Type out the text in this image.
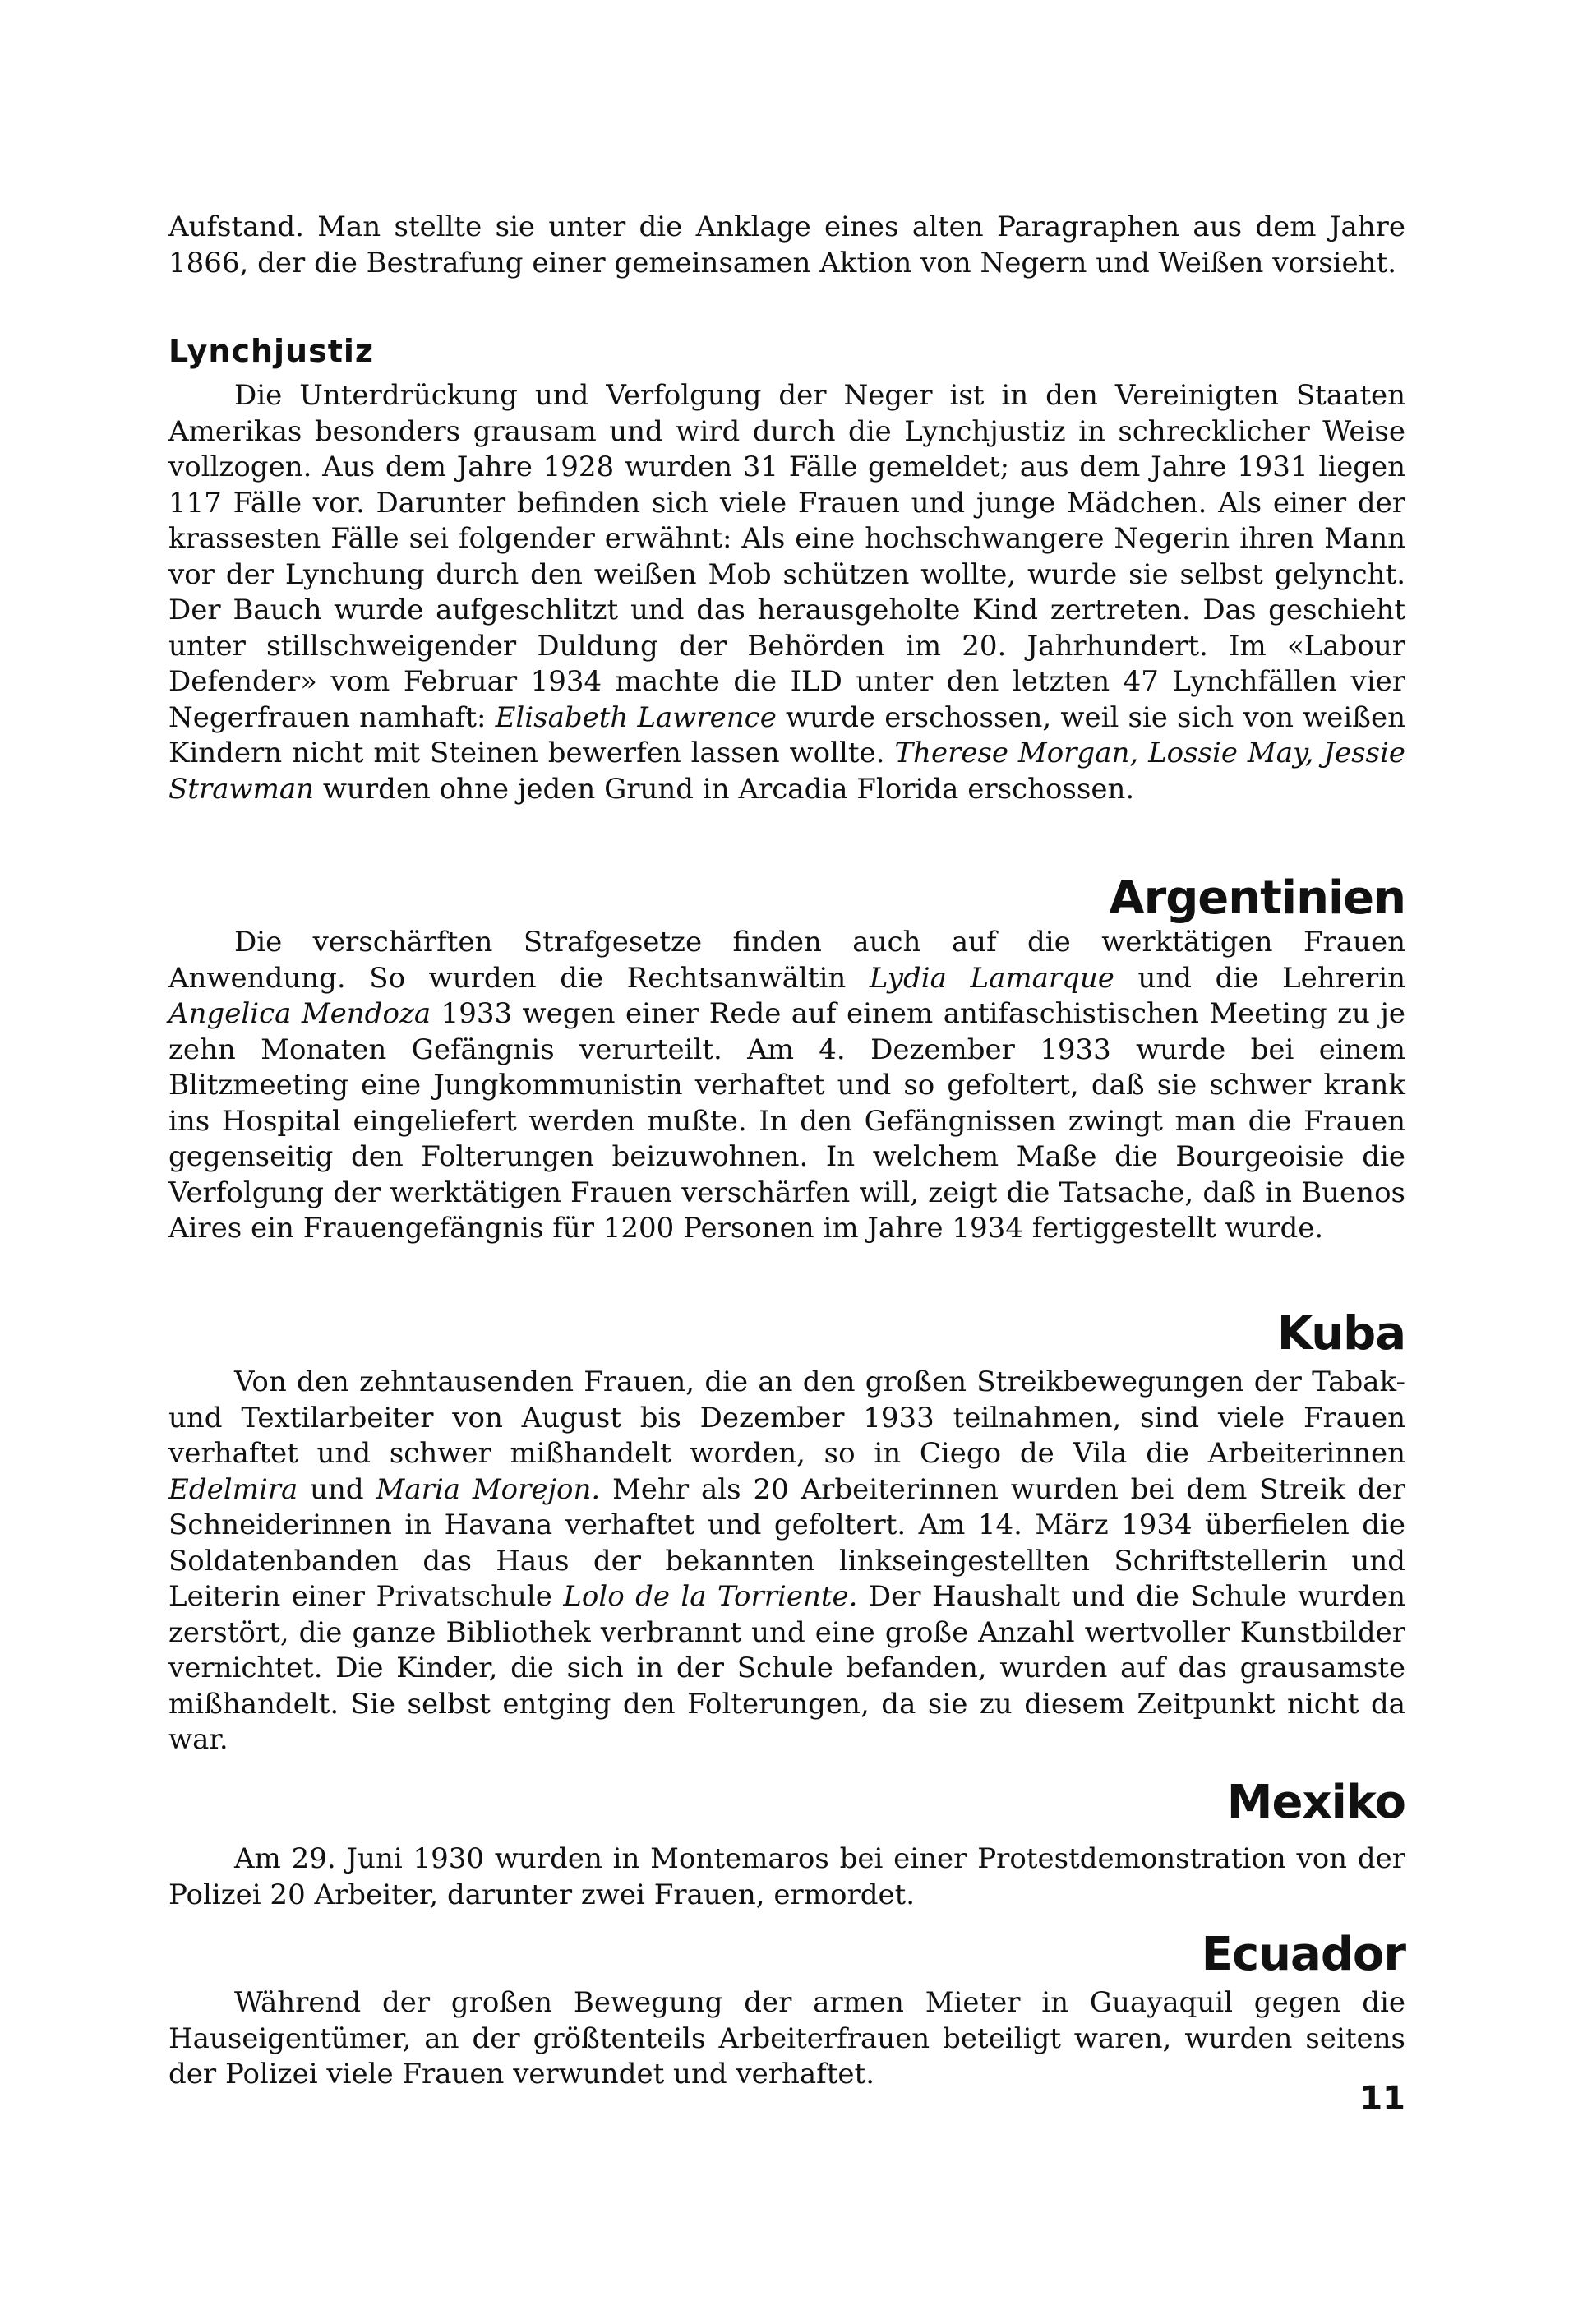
Aufstand. Man stellte sie unter die Anklage eines alten Paragraphen aus dem Jahre 1866, der die Bestrafung einer gemeinsamen Aktion von Negern und Weißen vorsieht.

Lynchjustiz

Die Unterdrückung und Verfolgung der Neger ist in den Vereinigten Staaten Amerikas besonders grausam und wird durch die Lynchjustiz in schrecklicher Weise vollzogen. Aus dem Jahre 1928 wurden 31 Fälle gemeldet; aus dem Jahre 1931 liegen 117 Fälle vor. Darunter befinden sich viele Frauen und junge Mädchen. Als einer der krassesten Fälle sei folgender erwähnt: Als eine hochschwangere Negerin ihren Mann vor der Lynchung durch den weißen Mob schützen wollte, wurde sie selbst gelyncht. Der Bauch wurde aufgeschlitzt und das herausgeholte Kind zertreten. Das geschieht unter stillschweigender Duldung der Behörden im 20. Jahrhundert. Im «Labour Defender» vom Februar 1934 machte die ILD unter den letzten 47 Lynchfällen vier Negerfrauen namhaft: Elisabeth Lawrence wurde erschossen, weil sie sich von weißen Kindern nicht mit Steinen bewerfen lassen wollte. Therese Morgan, Lossie May, Jessie Strawman wurden ohne jeden Grund in Arcadia Florida erschossen.

Argentinien

Die verschärften Strafgesetze finden auch auf die werktätigen Frauen Anwendung. So wurden die Rechtsanwältin Lydia Lamarque und die Lehrerin Angelica Mendoza 1933 wegen einer Rede auf einem antifaschistischen Meeting zu je zehn Monaten Gefängnis verurteilt. Am 4. Dezember 1933 wurde bei einem Blitzmeeting eine Jungkommunistin verhaftet und so gefoltert, daß sie schwer krank ins Hospital eingeliefert werden mußte. In den Gefängnissen zwingt man die Frauen gegenseitig den Folterungen beizuwohnen. In welchem Maße die Bourgeoisie die Verfolgung der werktätigen Frauen verschärfen will, zeigt die Tatsache, daß in Buenos Aires ein Frauengefängnis für 1200 Personen im Jahre 1934 fertiggestellt wurde.

Kuba

Von den zehntausenden Frauen, die an den großen Streikbewegungen der Tabak- und Textilarbeiter von August bis Dezember 1933 teilnahmen, sind viele Frauen verhaftet und schwer mißhandelt worden, so in Ciego de Vila die Arbeiterinnen Edelmira und Maria Morejon. Mehr als 20 Arbeiterinnen wurden bei dem Streik der Schneiderinnen in Havana verhaftet und gefoltert. Am 14. März 1934 überfielen die Soldatenbanden das Haus der bekannten linkseingestellten Schriftstellerin und Leiterin einer Privatschule Lolo de la Torriente. Der Haushalt und die Schule wurden zerstört, die ganze Bibliothek verbrannt und eine große Anzahl wertvoller Kunstbilder vernichtet. Die Kinder, die sich in der Schule befanden, wurden auf das grausamste mißhandelt. Sie selbst entging den Folterungen, da sie zu diesem Zeitpunkt nicht da war.

Mexiko

Am 29. Juni 1930 wurden in Montemaros bei einer Protestdemonstration von der Polizei 20 Arbeiter, darunter zwei Frauen, ermordet.

Ecuador

Während der großen Bewegung der armen Mieter in Guayaquil gegen die Hauseigentümer, an der größtenteils Arbeiterfrauen beteiligt waren, wurden seitens der Polizei viele Frauen verwundet und verhaftet.

11
